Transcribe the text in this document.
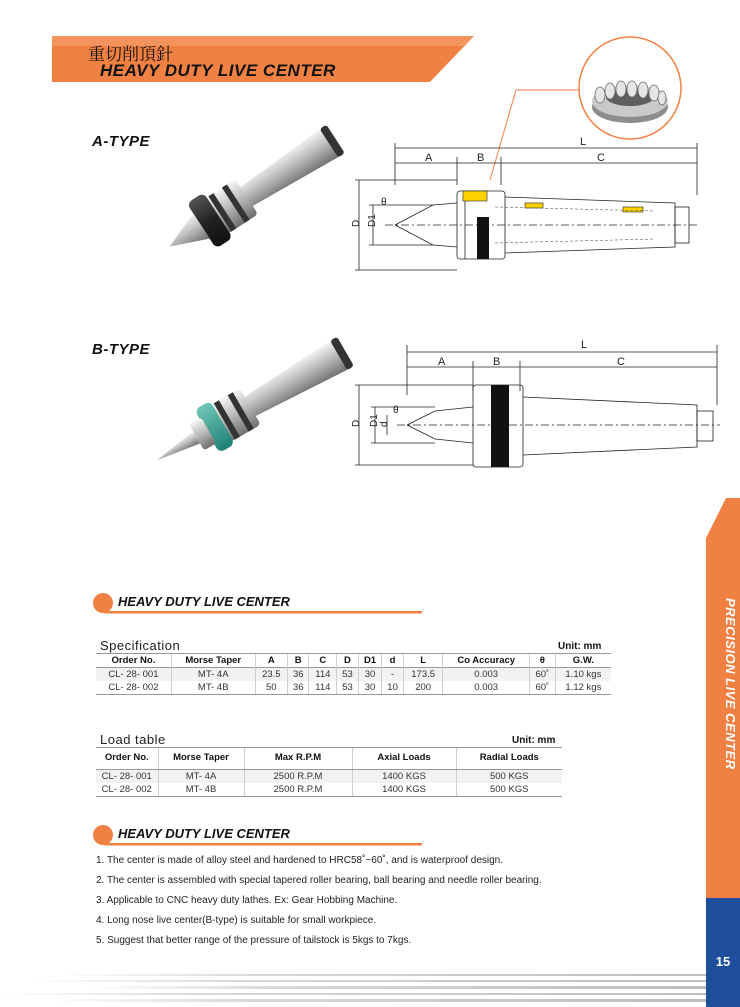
重切削頂針
HEAVY DUTY LIVE CENTER
A-TYPE	L
A	B	C
D D1
θ
B-TYPE	L
A	B	C
D D1 d
θ
HEAVY DUTY LIVE CENTER
Specification	Unit: mm
Order No.	Morse Taper	A	B	C	D	D1	d	L	Co Accuracy	θ	G.W.
CL- 28- 001	MT- 4A	23.5	36	114	53	30	-	173.5	0.003	60˚	1.10 kgs
CL- 28- 002	MT- 4B	50	36	114	53	30	10	200	0.003	60˚	1.12 kgs
Load table	Unit: mm
Order No.	Morse Taper	Max R.P.M	Axial Loads	Radial Loads
CL- 28- 001	MT- 4A	2500 R.P.M	1400 KGS	500 KGS
CL- 28- 002	MT- 4B	2500 R.P.M	1400 KGS	500 KGS
HEAVY DUTY LIVE CENTER
1. The center is made of alloy steel and hardened to HRC58˚~60˚, and is waterproof design.
2. The center is assembled with special tapered roller bearing, ball bearing and needle roller bearing.
3. Applicable to CNC heavy duty lathes. Ex: Gear Hobbing Machine.
4. Long nose live center(B-type) is suitable for small workpiece.
5. Suggest that better range of the pressure of tailstock is 5kgs to 7kgs.
PRECISION LIVE CENTER
15
